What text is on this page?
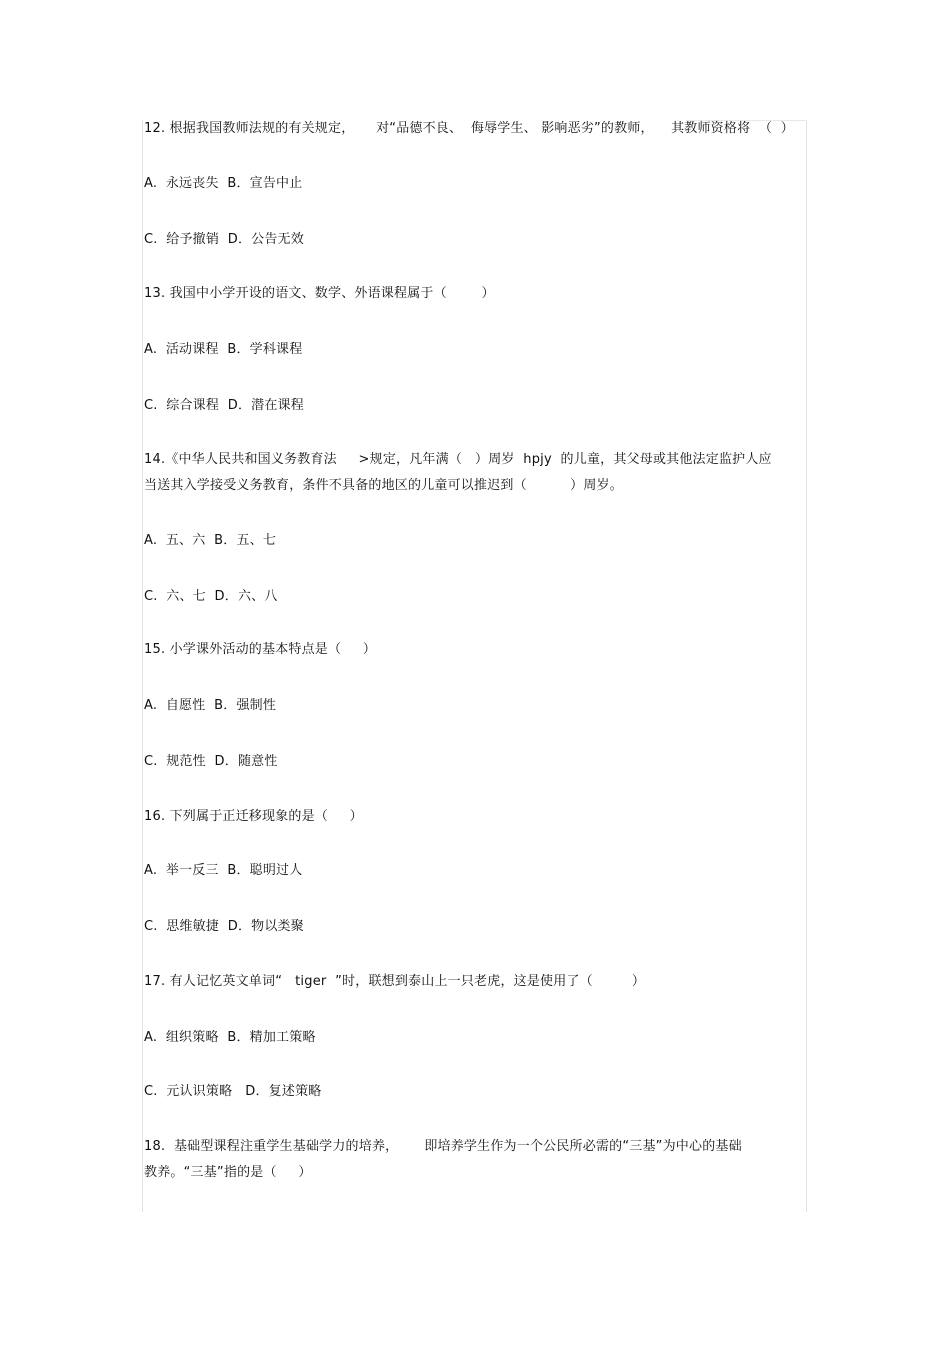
12. 根据我国教师法规的有关规定，     对“品德不良、  侮辱学生、 影响恶劣”的教师，    其教师资格将  （  ）
A.  永远丧失  B．宣告中止
C.  给予撤销  D．公告无效
13. 我国中小学开设的语文、数学、外语课程属于（        ）
A.  活动课程  B．学科课程
C.  综合课程  D．潜在课程
14.《中华人民共和国义务教育法     >规定，凡年满（   ）周岁  hpjy  的儿童，其父母或其他法定监护人应
当送其入学接受义务教育，条件不具备的地区的儿童可以推迟到（          ）周岁。
A.  五、六  B．五、七
C.  六、七  D．六、八
15. 小学课外活动的基本特点是（     ）
A.  自愿性  B．强制性
C.  规范性  D．随意性
16. 下列属于正迁移现象的是（     ）
A.  举一反三  B．聪明过人
C.  思维敏捷  D．物以类聚
17. 有人记忆英文单词“   tiger  ”时，联想到泰山上一只老虎，这是使用了（         ）
A.  组织策略  B．精加工策略
C.  元认识策略   D．复述策略
18.  基础型课程注重学生基础学力的培养，      即培养学生作为一个公民所必需的“三基”为中心的基础
教养。“三基”指的是（     ）
